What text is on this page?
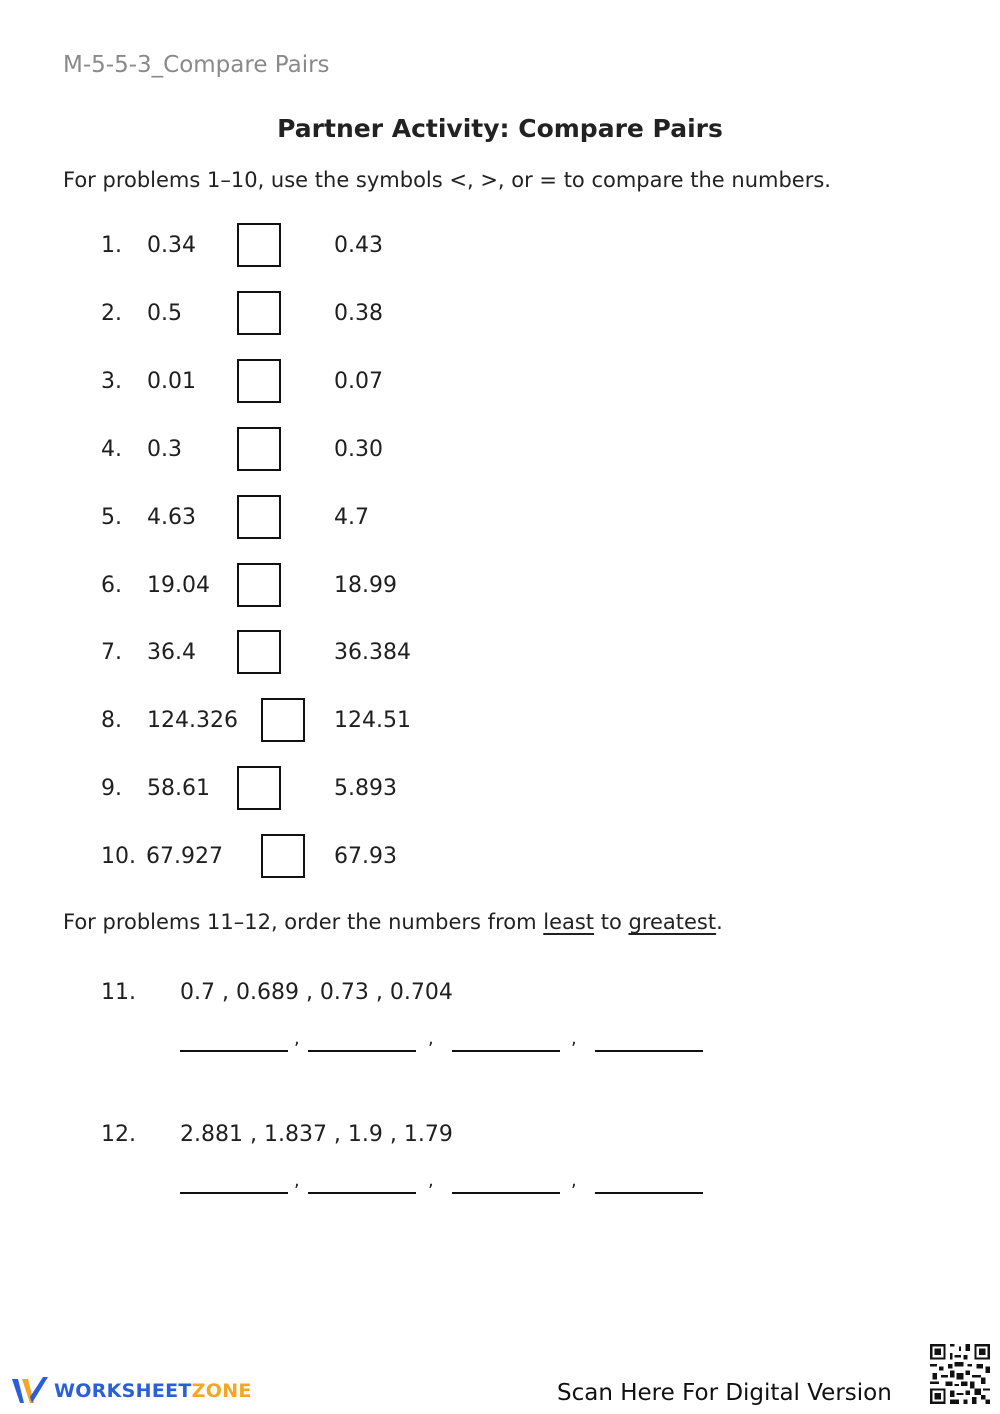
M-5-5-3_Compare Pairs
Partner Activity: Compare Pairs
For problems 1–10, use the symbols <, >, or = to compare the numbers.
1. 0.34	0.43
2. 0.5	0.38
3. 0.01	0.07
4. 0.3	0.30
5. 4.63	4.7
6. 19.04	18.99
7. 36.4	36.384
8. 124.326	124.51
9. 58.61	5.893
10. 67.927	67.93
For problems 11–12, order the numbers from least to greatest.
11. 0.7 , 0.689 , 0.73 , 0.704
,	,	,
12. 2.881 , 1.837 , 1.9 , 1.79
,	,	,
WORKSHEETZONE	Scan Here For Digital Version
